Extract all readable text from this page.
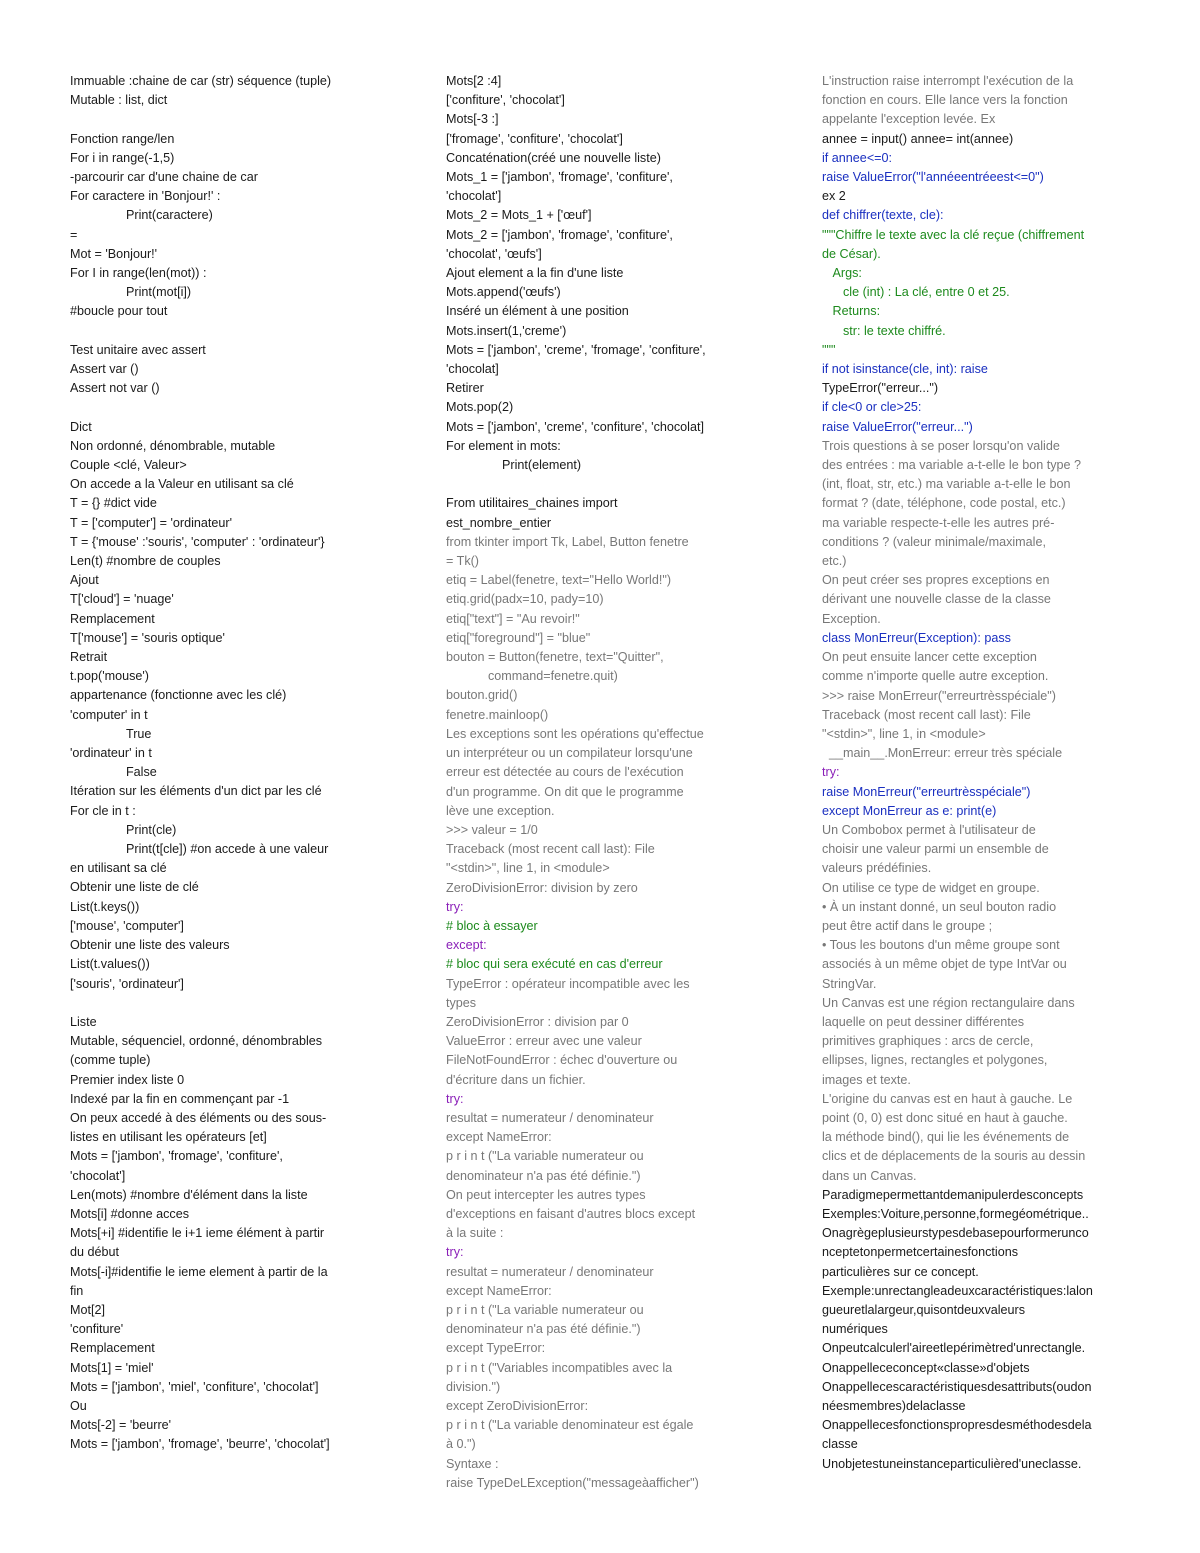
Immuable :chaine de car (str) séquence (tuple)
Mutable : list, dict
Fonction range/len
For i in range(-1,5)
-parcourir car d'une chaine de car
For caractere in 'Bonjour!' :
Print(caractere)
=
Mot = 'Bonjour!'
For I in range(len(mot)) :
Print(mot[i])
#boucle pour tout
Test unitaire avec assert
Assert var ()
Assert not var ()
Dict
Non ordonné, dénombrable, mutable
Couple <clé, Valeur>
On accede a la Valeur en utilisant sa clé
T = {} #dict vide
T = ['computer'] = 'ordinateur'
T = {'mouse' :'souris', 'computer' : 'ordinateur'}
Len(t) #nombre de couples
Ajout
T['cloud'] = 'nuage'
Remplacement
T['mouse'] = 'souris optique'
Retrait
t.pop('mouse')
appartenance (fonctionne avec les clé)
'computer' in t
True
'ordinateur' in t
False
Itération sur les éléments d'un dict par les clé
For cle in t :
Print(cle)
Print(t[cle]) #on accede à une valeur
en utilisant sa clé
Obtenir une liste de clé
List(t.keys())
['mouse', 'computer']
Obtenir une liste des valeurs
List(t.values())
['souris', 'ordinateur']
Liste
Mutable, séquenciel, ordonné, dénombrables
(comme tuple)
Premier index liste 0
Indexé par la fin en commençant par -1
On peux accedé à des éléments ou des sous-
listes en utilisant les opérateurs [et]
Mots = ['jambon', 'fromage', 'confiture',
'chocolat']
Len(mots) #nombre d'élément dans la liste
Mots[i] #donne acces
Mots[+i] #identifie le i+1 ieme élément à partir
du début
Mots[-i]#identifie le ieme element à partir de la
fin
Mot[2]
'confiture'
Remplacement
Mots[1] = 'miel'
Mots = ['jambon', 'miel', 'confiture', 'chocolat']
Ou
Mots[-2] = 'beurre'
Mots = ['jambon', 'fromage', 'beurre', 'chocolat']
Mots[2 :4]
['confiture', 'chocolat']
Mots[-3 :]
['fromage', 'confiture', 'chocolat']
Concaténation(créé une nouvelle liste)
Mots_1 = ['jambon', 'fromage', 'confiture',
'chocolat']
Mots_2 = Mots_1 + ['œuf']
Mots_2 = ['jambon', 'fromage', 'confiture',
'chocolat', 'œufs']
Ajout element a la fin d'une liste
Mots.append('œufs')
Inséré un élément à une position
Mots.insert(1,'creme')
Mots = ['jambon', 'creme', 'fromage', 'confiture',
'chocolat]
Retirer
Mots.pop(2)
Mots = ['jambon', 'creme', 'confiture', 'chocolat]
For element in mots:
Print(element)
From utilitaires_chaines import
est_nombre_entier
from tkinter import Tk, Label, Button fenetre
= Tk()
etiq = Label(fenetre, text="Hello World!")
etiq.grid(padx=10, pady=10)
etiq["text"] = "Au revoir!"
etiq["foreground"] = "blue"
bouton = Button(fenetre, text="Quitter",
command=fenetre.quit)
bouton.grid()
fenetre.mainloop()
Les exceptions sont les opérations qu'effectue
un interpréteur ou un compilateur lorsqu'une
erreur est détectée au cours de l'exécution
d'un programme. On dit que le programme
lève une exception.
>>> valeur = 1/0
Traceback (most recent call last): File
"<stdin>", line 1, in <module>
ZeroDivisionError: division by zero
try:
# bloc à essayer
except:
# bloc qui sera exécuté en cas d'erreur
TypeError : opérateur incompatible avec les
types
ZeroDivisionError : division par 0
ValueError : erreur avec une valeur
FileNotFoundError : échec d'ouverture ou
d'écriture dans un fichier.
try:
resultat = numerateur / denominateur
except NameError:
p r i n t ("La variable numerateur ou
denominateur n'a pas été définie.")
On peut intercepter les autres types
d'exceptions en faisant d'autres blocs except
à la suite :
try:
resultat = numerateur / denominateur
except NameError:
p r i n t ("La variable numerateur ou
denominateur n'a pas été définie.")
except TypeError:
p r i n t ("Variables incompatibles avec la
division.")
except ZeroDivisionError:
p r i n t ("La variable denominateur est égale
à 0.")
Syntaxe :
raise TypeDeLException("messageàafficher")
L'instruction raise interrompt l'exécution de la
fonction en cours. Elle lance vers la fonction
appelante l'exception levée. Ex
annee = input() annee= int(annee)
if annee<=0:
raise ValueError("l'annéeentréeest<=0")
ex 2
def chiffrer(texte, cle):
"""Chiffre le texte avec la clé reçue (chiffrement
de César).
Args:
cle (int) : La clé, entre 0 et 25.
Returns:
str: le texte chiffré.
"""
if not isinstance(cle, int): raise
TypeError("erreur...")
if cle<0 or cle>25:
raise ValueError("erreur...")
Trois questions à se poser lorsqu'on valide
des entrées : ma variable a-t-elle le bon type ?
(int, float, str, etc.) ma variable a-t-elle le bon
format ? (date, téléphone, code postal, etc.)
ma variable respecte-t-elle les autres pré-
conditions ? (valeur minimale/maximale,
etc.)
On peut créer ses propres exceptions en
dérivant une nouvelle classe de la classe
Exception.
class MonErreur(Exception): pass
On peut ensuite lancer cette exception
comme n'importe quelle autre exception.
>>> raise MonErreur("erreurtrèsspéciale")
Traceback (most recent call last): File
"<stdin>", line 1, in <module>
__main__.MonErreur: erreur très spéciale
try:
raise MonErreur("erreurtrèsspéciale")
except MonErreur as e: print(e)
Un Combobox permet à l'utilisateur de
choisir une valeur parmi un ensemble de
valeurs prédéfinies.
On utilise ce type de widget en groupe.
• À un instant donné, un seul bouton radio
peut être actif dans le groupe ;
• Tous les boutons d'un même groupe sont
associés à un même objet de type IntVar ou
StringVar.
Un Canvas est une région rectangulaire dans
laquelle on peut dessiner différentes
primitives graphiques : arcs de cercle,
ellipses, lignes, rectangles et polygones,
images et texte.
L'origine du canvas est en haut à gauche. Le
point (0, 0) est donc situé en haut à gauche.
la méthode bind(), qui lie les événements de
clics et de déplacements de la souris au dessin
dans un Canvas.
Paradigmepermettantdemanipulerdesconcepts
Exemples:Voiture,personne,formegéométrique..
Onagrègeplusieurstypesdebasepourformerunco
nceptetonpermetcertainesfonctions
particulières sur ce concept.
Exemple:unrectangleadeuxcaractéristiques:lalon
gueuretlalargeur,quisontdeuxvaleurs
numériques
Onpeutcalculerl'aireetlepérimètred'unrectangle.
Onappellececoncept«classe»d'objets
Onappellecescaractéristiquesdesattributs(oudon
néesmembres)delaclasse
Onappellecesfonctionspropresdesméthodesdela
classe
Unobjetestuneinstanceparticulièred'uneclasse.
